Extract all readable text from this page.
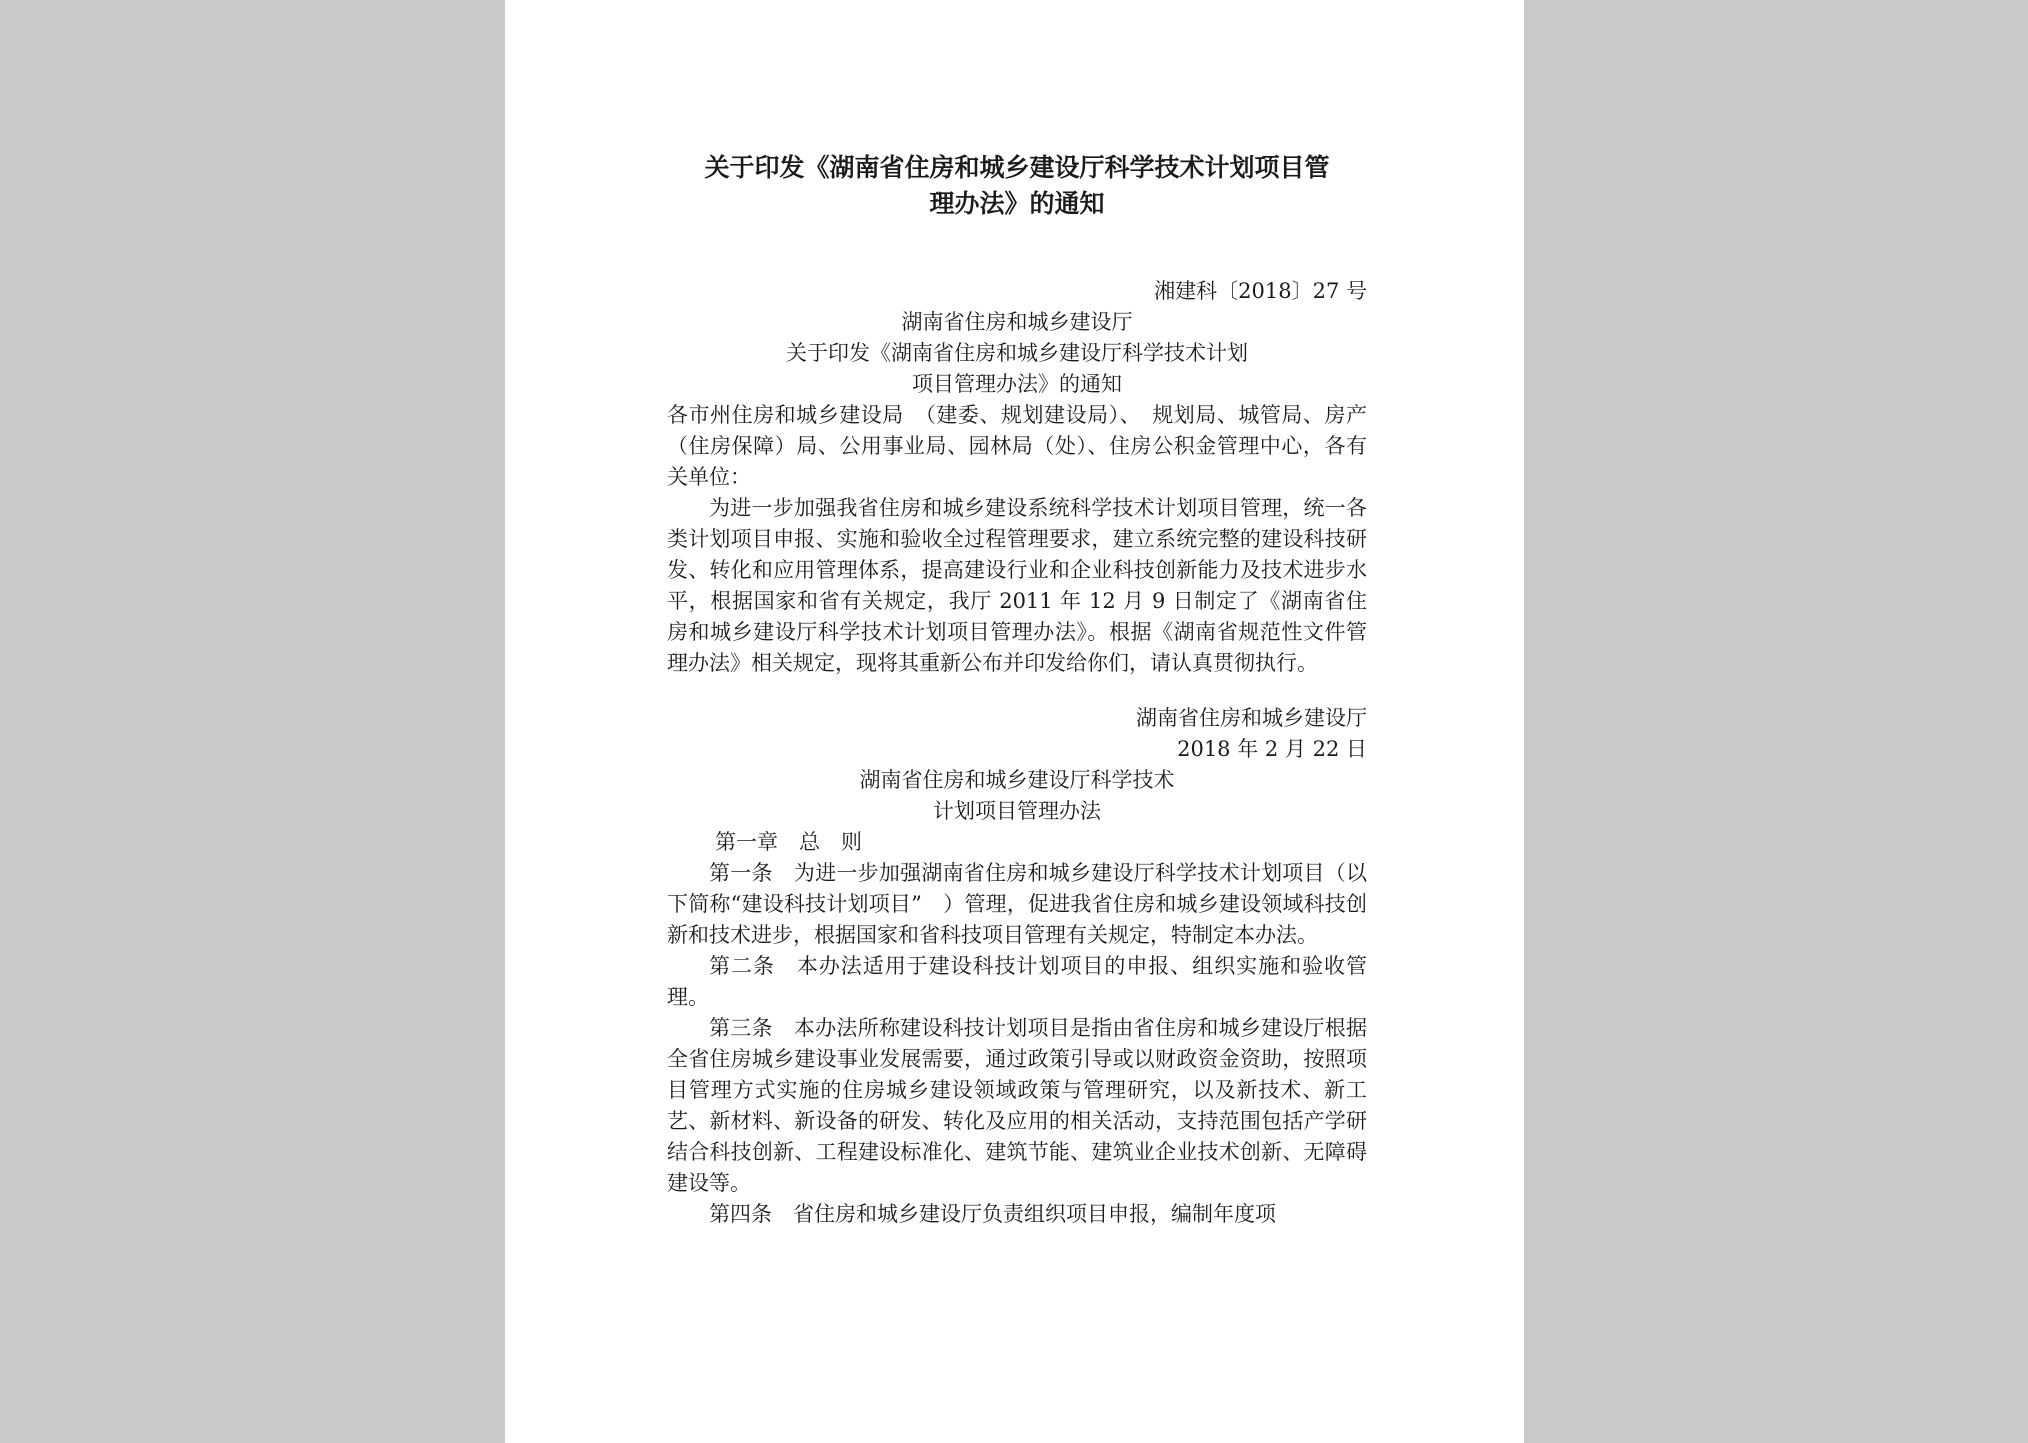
关于印发《湖南省住房和城乡建设厅科学技术计划项目管
理办法》的通知
湘建科〔2018〕27 号
湖南省住房和城乡建设厅
关于印发《湖南省住房和城乡建设厅科学技术计划
项目管理办法》的通知

各市州住房和城乡建设局　（建委、规划建设局）、　规划局、城管局、房产（住房保障）局、公用事业局、园林局（处）、住房公积金管理中心，各有关单位：

为进一步加强我省住房和城乡建设系统科学技术计划项目管理，统一各类计划项目申报、实施和验收全过程管理要求，建立系统完整的建设科技研发、转化和应用管理体系，提高建设行业和企业科技创新能力及技术进步水平，根据国家和省有关规定，我厅 2011 年 12 月 9 日制定了《湖南省住房和城乡建设厅科学技术计划项目管理办法》。根据《湖南省规范性文件管理办法》相关规定，现将其重新公布并印发给你们，请认真贯彻执行。

湖南省住房和城乡建设厅
2018 年 2 月 22 日
湖南省住房和城乡建设厅科学技术
计划项目管理办法
第一章　总　则

第一条　为进一步加强湖南省住房和城乡建设厅科学技术计划项目（以下简称“建设科技计划项目”　）管理，促进我省住房和城乡建设领域科技创新和技术进步，根据国家和省科技项目管理有关规定，特制定本办法。

第二条　本办法适用于建设科技计划项目的申报、组织实施和验收管理。

第三条　本办法所称建设科技计划项目是指由省住房和城乡建设厅根据全省住房城乡建设事业发展需要，通过政策引导或以财政资金资助，按照项目管理方式实施的住房城乡建设领域政策与管理研究，以及新技术、新工艺、新材料、新设备的研发、转化及应用的相关活动，支持范围包括产学研结合科技创新、工程建设标准化、建筑节能、建筑业企业技术创新、无障碍建设等。

第四条　省住房和城乡建设厅负责组织项目申报，编制年度项
